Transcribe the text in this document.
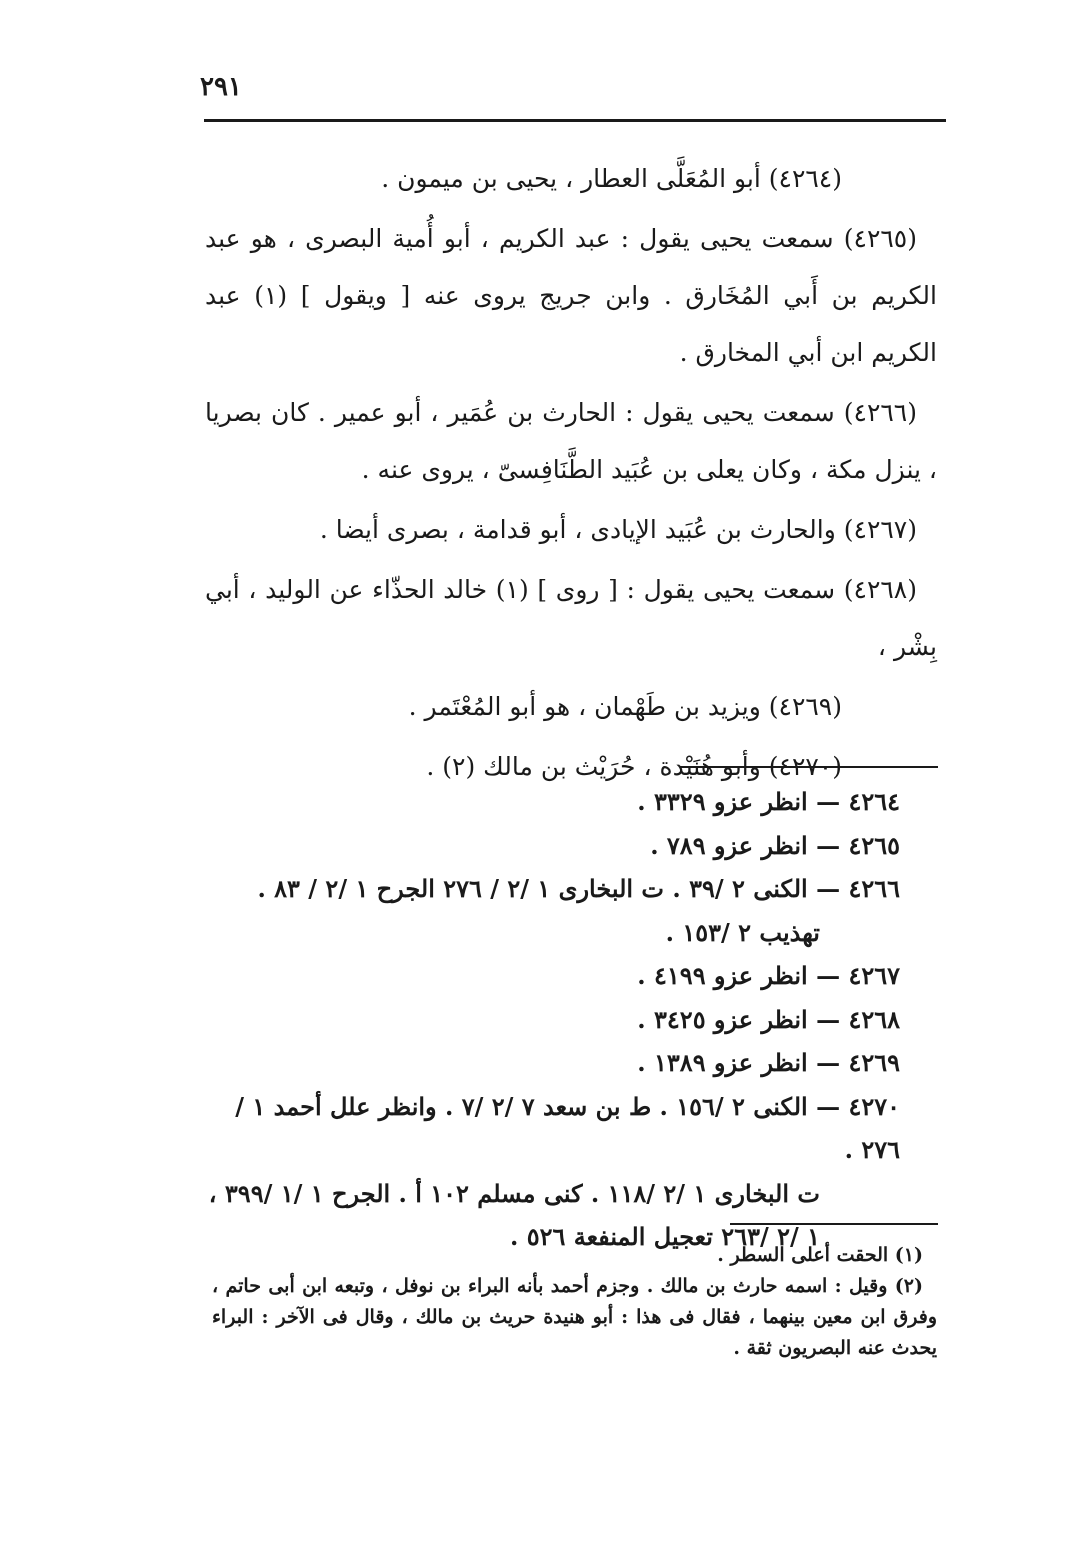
٢٩١

(٤٢٦٤) أبو المُعَلَّى العطار ، يحيى بن ميمون .

(٤٢٦٥) سمعت يحيى يقول : عبد الكريم ، أبو أُمية البصرى ، هو عبد الكريم بن أَبي المُخَارق . وابن جريج يروى عنه [ ويقول ] (١) عبد الكريم ابن أبي المخارق .

(٤٢٦٦) سمعت يحيى يقول : الحارث بن عُمَير ، أبو عمير . كان بصريا ، ينزل مكة ، وكان يعلى بن عُبَيد الطَّنَافِسىّ ، يروى عنه .

(٤٢٦٧) والحارث بن عُبَيد الإيادى ، أبو قدامة ، بصرى أيضا .

(٤٢٦٨) سمعت يحيى يقول : [ روى ] (١) خالد الحذّاء عن الوليد ، أبي بِشْر ،

(٤٢٦٩) ويزيد بن طَهْمان ، هو أبو المُعْتَمر .

(٤٢٧٠) وأبو هُنَيْدة ، حُرَيْث بن مالك (٢) .

٤٢٦٤ — انظر عزو ٣٣٢٩ .

٤٢٦٥ — انظر عزو ٧٨٩ .

٤٢٦٦ — الكنى ٢ /٣٩ . ت البخارى ١ /٢ / ٢٧٦ الجرح ١ /٢ / ٨٣ .
تهذيب ٢ /١٥٣ .

٤٢٦٧ — انظر عزو ٤١٩٩ .

٤٢٦٨ — انظر عزو ٣٤٢٥ .

٤٢٦٩ — انظر عزو ١٣٨٩ .

٤٢٧٠ — الكنى ٢ /١٥٦ . ط بن سعد ٧ /٢ /٧ . وانظر علل أحمد ١ / ٢٧٦ .
ت البخارى ١ /٢ /١١٨ . كنى مسلم ١٠٢ أ . الجرح ١ /١ /٣٩٩ ، ١ /٢ /٢٦٣ تعجيل المنفعة ٥٢٦ .

(١) الحقت أعلى السطر .

(٢) وقيل : اسمه حارث بن مالك . وجزم أحمد بأنه البراء بن نوفل ، وتبعه ابن أبى حاتم ، وفرق ابن معين بينهما ، فقال فى هذا : أبو هنيدة حريث بن مالك ، وقال فى الآخر : البراء يحدث عنه البصريون ثقة .
